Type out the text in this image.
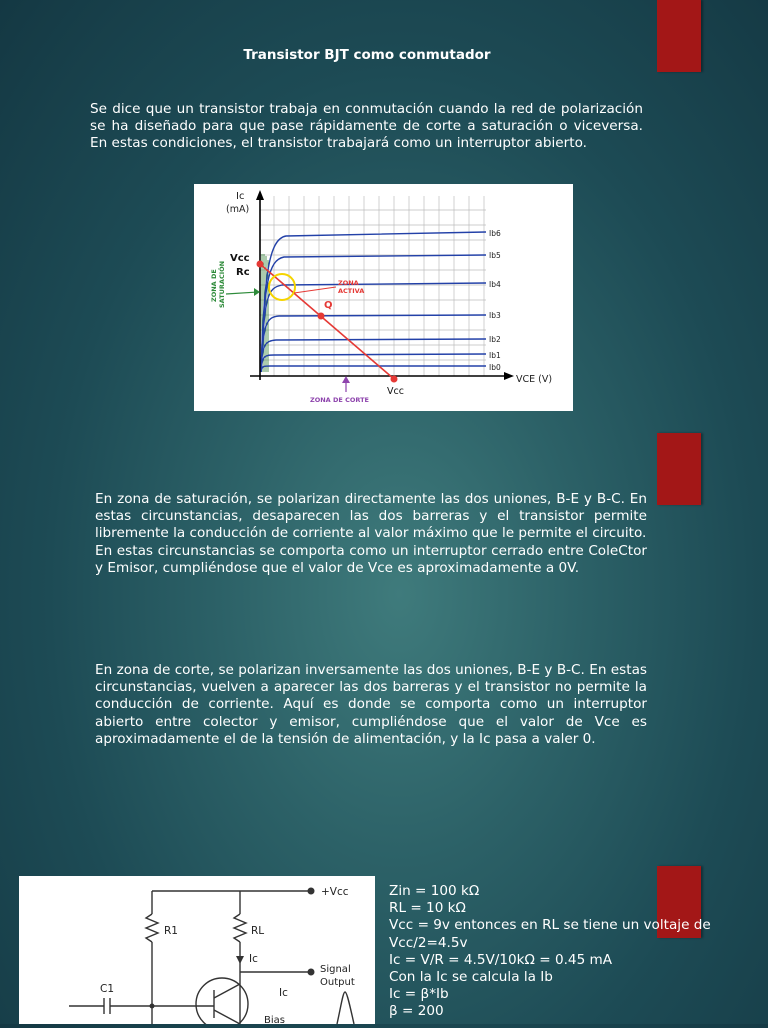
Transistor BJT como conmutador

Se dice que un transistor trabaja en conmutación cuando la red de polarización se ha diseñado para que pase rápidamente de corte a saturación o viceversa. En estas condiciones, el transistor trabajará como un interruptor abierto.

Ib6
Ib5
Ib4
Ib3
Ib2
Ib1
Ib0
Ic
(mA)
VCE (V)
Vcc
Rc
Q
Vcc
ZONA
ACTIVA
ZONA DE SATURACIÓN
ZONA DE CORTE
En zona de saturación, se polarizan directamente las dos uniones, B-E y B-C. En estas circunstancias, desaparecen las dos barreras y el transistor permite libremente la conducción de corriente al valor máximo que le permite el circuito.
En estas circunstancias se comporta como un interruptor cerrado entre ColeCtor y Emisor, cumpliéndose que el valor de Vce es aproximadamente a 0V.

En zona de corte, se polarizan inversamente las dos uniones, B-E y B-C. En estas circunstancias, vuelven a aparecer las dos barreras y el transistor no permite la conducción de corriente. Aquí es donde se comporta como un interruptor abierto entre colector y emisor, cumpliéndose que el valor de Vce es aproximadamente el de la tensión de alimentación, y la Ic pasa a valer 0.

+Vcc
R1	RL
Ic
C1
Signal
Output
Ic
Bias
Zin = 100 kΩ
RL = 10 kΩ
Vcc = 9v entonces en RL se tiene un voltaje de
Vcc/2=4.5v
Ic = V/R = 4.5V/10kΩ = 0.45 mA
Con la Ic se calcula la Ib
Ic = β*Ib
β = 200
